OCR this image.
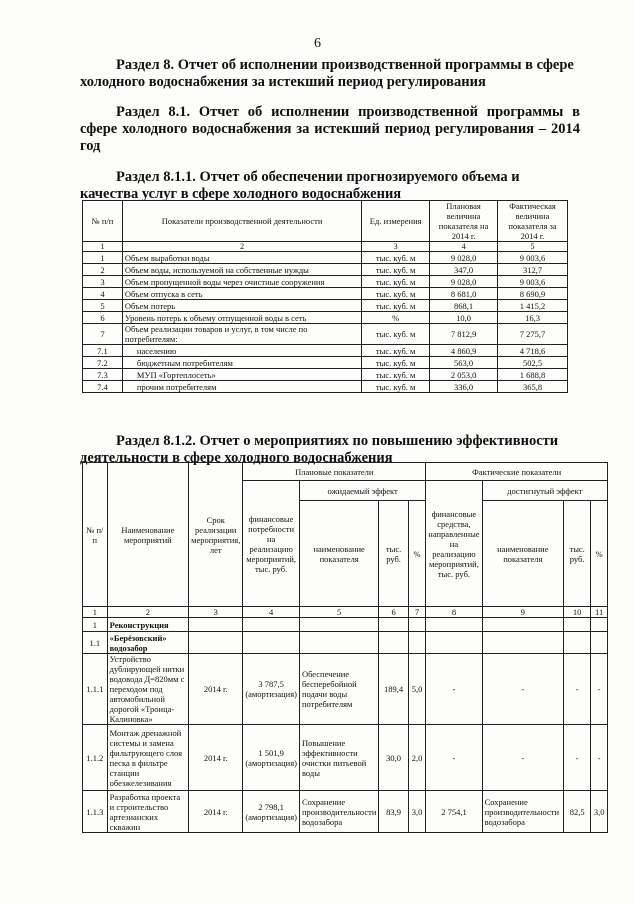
6
Раздел 8. Отчет об исполнении производственной программы в сфере холодного водоснабжения за истекший период регулирования
Раздел 8.1. Отчет об исполнении производственной программы в сфере холодного водоснабжения за истекший период регулирования – 2014 год
Раздел 8.1.1. Отчет об обеспечении прогнозируемого объема и качества услуг в сфере холодного водоснабжения
№ п/п	Показатели производственной деятельности	Ед. измерения	Плановая величина показателя на 2014 г.	Фактическая величина показателя за 2014 г.
1	2	3	4	5
1	Объем выработки воды	тыс. куб. м	9 028,0	9 003,6
2	Объем воды, используемой на собственные нужды	тыс. куб. м	347,0	312,7
3	Объем пропущенной воды через очистные сооружения	тыс. куб. м	9 028,0	9 003,6
4	Объем отпуска в сеть	тыс. куб. м	8 681,0	8 690,9
5	Объем потерь	тыс. куб. м	868,1	1 415,2
6	Уровень потерь к объему отпущенной воды в сеть	%	10,0	16,3
7	Объем реализации товаров и услуг, в том числе по потребителям:	тыс. куб. м	7 812,9	7 275,7
7.1	населению	тыс. куб. м	4 860,9	4 718,6
7.2	бюджетным потребителям	тыс. куб. м	563,0	502,5
7.3	МУП «Гортеплосеть»	тыс. куб. м	2 053,0	1 688,8
7.4	прочим потребителям	тыс. куб. м	336,0	365,8
Раздел 8.1.2. Отчет о мероприятиях по повышению эффективности деятельности в сфере холодного водоснабжения
№ п/п	Наименование мероприятий	Срок реализации мероприятия, лет	Плановые показатели				Фактические показатели			
			финансовые потребности на реализацию мероприятий, тыс. руб.	ожидаемый эффект			финансовые средства, направленные на реализацию мероприятий, тыс. руб.	достигнутый эффект		
				наименование показателя	тыс. руб.	%		наименование показателя	тыс. руб.	%
1	2	3	4	5	6	7	8	9	10	11
1	Реконструкция									
1.1	«Берёзовский» водозабор									
1.1.1	Устройство дублирующей нитки водовода Д=820мм с переходом под автомобильной дорогой «Троица-Калиновка»	2014 г.	3 787,5 (амортизация)	Обеспечение бесперебойной подачи воды потребителям	189,4	5,0	-	-	-	-
1.1.2	Монтаж дренажной системы и замена фильтрующего слоя песка в фильтре станции обезжелезивания	2014 г.	1 501,9 (амортизация)	Повышение эффективности очистки питьевой воды	30,0	2,0	-	-	-	-
1.1.3	Разработка проекта и строительство артезианских скважин	2014 г.	2 798,1 (амортизация)	Сохранение производительности водозабора	83,9	3,0	2 754,1	Сохранение производительности водозабора	82,5	3,0
